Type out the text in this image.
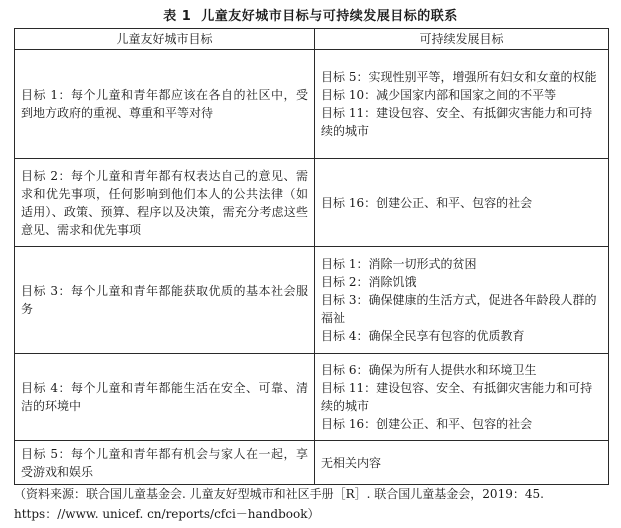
表 1 儿童友好城市目标与可持续发展目标的联系
儿童友好城市目标	可持续发展目标
目标 1：每个儿童和青年都应该在各自的社区中，受到地方政府的重视、尊重和平等对待	目标 5：实现性别平等，增强所有妇女和女童的权能
目标 10：减少国家内部和国家之间的不平等
目标 11：建设包容、安全、有抵御灾害能力和可持续的城市

目标 2：每个儿童和青年都有权表达自己的意见、需求和优先事项，任何影响到他们本人的公共法律（如适用）、政策、预算、程序以及决策，需充分考虑这些意见、需求和优先事项	目标 16：创建公正、和平、包容的社会

目标 3：每个儿童和青年都能获取优质的基本社会服务	目标 1：消除一切形式的贫困
目标 2：消除饥饿
目标 3：确保健康的生活方式，促进各年龄段人群的福祉
目标 4：确保全民享有包容的优质教育

目标 4：每个儿童和青年都能生活在安全、可靠、清洁的环境中	目标 6：确保为所有人提供水和环境卫生
目标 11：建设包容、安全、有抵御灾害能力和可持续的城市
目标 16：创建公正、和平、包容的社会

目标 5：每个儿童和青年都有机会与家人在一起，享受游戏和娱乐	无相关内容
（资料来源：联合国儿童基金会. 儿童友好型城市和社区手册［R］. 联合国儿童基金会，2019：45. https：//www. unicef. cn/reports/cfci－handbook）
